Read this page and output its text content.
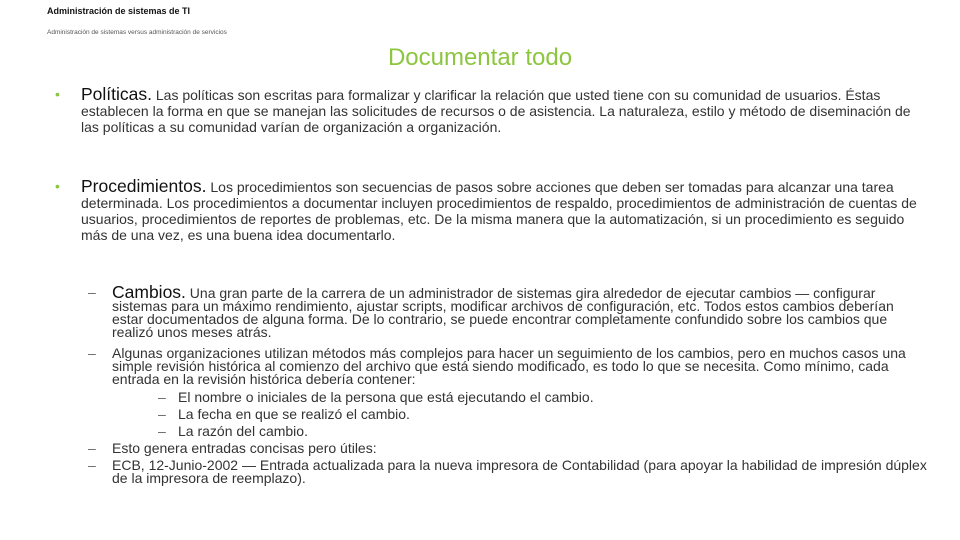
Administración de sistemas de TI
Administración de sistemas versus administración de servicios
Documentar todo
• Políticas. Las políticas son escritas para formalizar y clarificar la relación que usted tiene con su comunidad de usuarios. Éstas establecen la forma en que se manejan las solicitudes de recursos o de asistencia. La naturaleza, estilo y método de diseminación de las políticas a su comunidad varían de organización a organización.
• Procedimientos. Los procedimientos son secuencias de pasos sobre acciones que deben ser tomadas para alcanzar una tarea determinada. Los procedimientos a documentar incluyen procedimientos de respaldo, procedimientos de administración de cuentas de usuarios, procedimientos de reportes de problemas, etc. De la misma manera que la automatización, si un procedimiento es seguido más de una vez, es una buena idea documentarlo.
– Cambios. Una gran parte de la carrera de un administrador de sistemas gira alrededor de ejecutar cambios — configurar sistemas para un máximo rendimiento, ajustar scripts, modificar archivos de configuración, etc. Todos estos cambios deberían estar documentados de alguna forma. De lo contrario, se puede encontrar completamente confundido sobre los cambios que realizó unos meses atrás.
– Algunas organizaciones utilizan métodos más complejos para hacer un seguimiento de los cambios, pero en muchos casos una simple revisión histórica al comienzo del archivo que está siendo modificado, es todo lo que se necesita. Como mínimo, cada entrada en la revisión histórica debería contener:
– El nombre o iniciales de la persona que está ejecutando el cambio.
– La fecha en que se realizó el cambio.
– La razón del cambio.
– Esto genera entradas concisas pero útiles:
– ECB, 12-Junio-2002 — Entrada actualizada para la nueva impresora de Contabilidad (para apoyar la habilidad de impresión dúplex de la impresora de reemplazo).
